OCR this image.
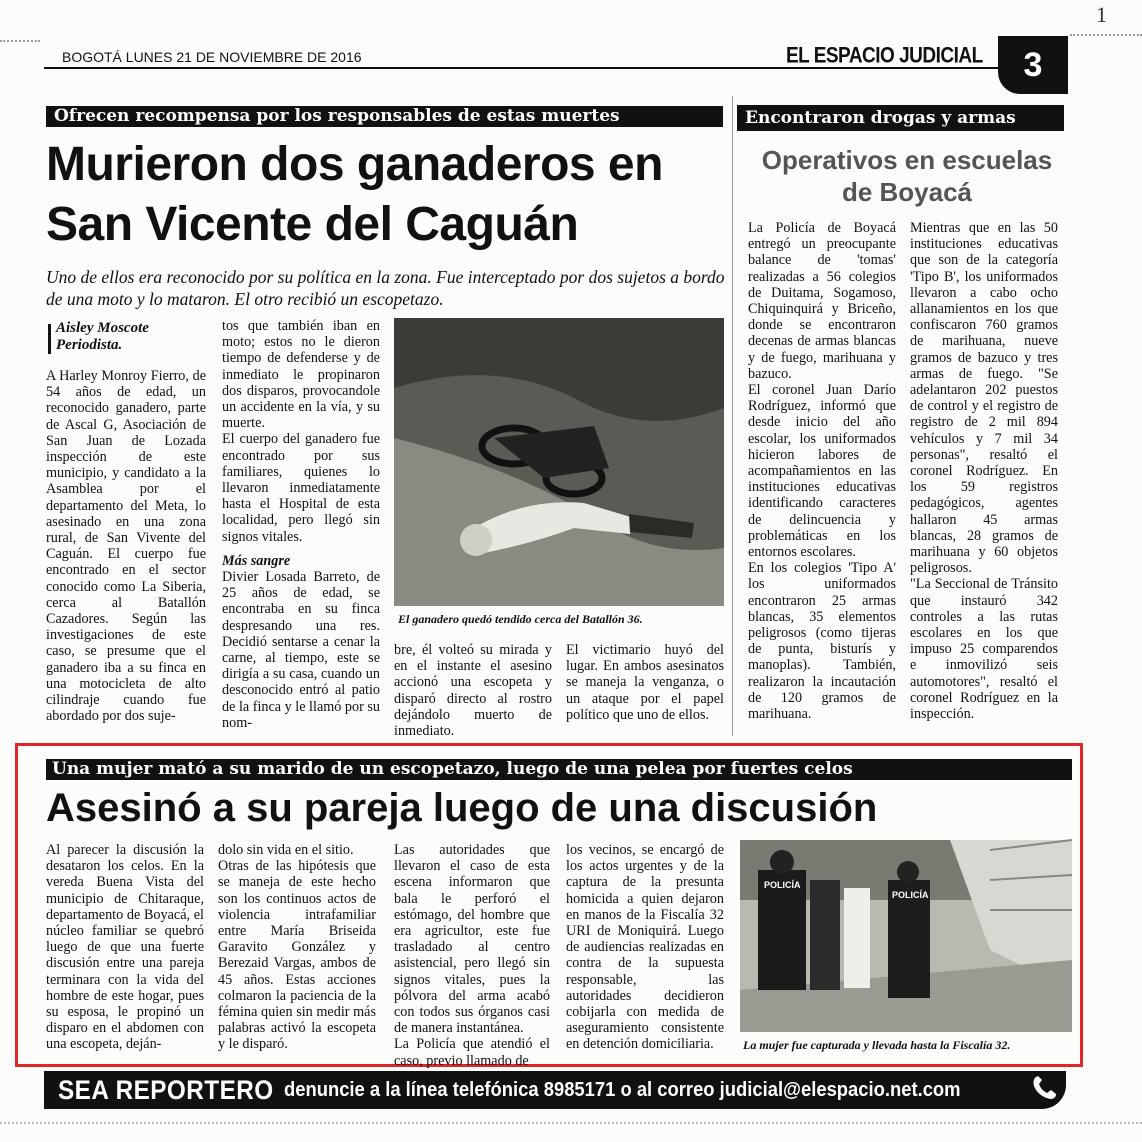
1
BOGOTÁ LUNES 21 DE NOVIEMBRE DE 2016	EL ESPACIO JUDICIAL	3
Ofrecen recompensa por los responsables de estas muertes
Murieron dos ganaderos en
San Vicente del Caguán
Uno de ellos era reconocido por su política en la zona. Fue interceptado por dos sujetos a bordo de una moto y lo mataron. El otro recibió un escopetazo.
Aisley Moscote
Periodista.

A Harley Monroy Fierro, de 54 años de edad, un reconocido ganadero, parte de Ascal G, Asociación de San Juan de Lozada inspección de este municipio, y candidato a la Asamblea por el departamento del Meta, lo asesinado en una zona rural, de San Vivente del Caguán. El cuerpo fue encontrado en el sector conocido como La Siberia, cerca al Batallón Cazadores. Según las investigaciones de este caso, se presume que el ganadero iba a su finca en una motocicleta de alto cilindraje cuando fue abordado por dos suje-

tos que también iban en moto; estos no le dieron tiempo de defenderse y de inmediato le propinaron dos disparos, provocandole un accidente en la vía, y su muerte.

El cuerpo del ganadero fue encontrado por sus familiares, quienes lo llevaron inmediatamente hasta el Hospital de esta localidad, pero llegó sin signos vitales.

Más sangre

Divier Losada Barreto, de 25 años de edad, se encontraba en su finca despresando una res. Decidió sentarse a cenar la carne, al tiempo, este se dirigía a su casa, cuando un desconocido entró al patio de la finca y le llamó por su nom-

El ganadero quedó tendido cerca del Batallón 36.

bre, él volteó su mirada y en el instante el asesino accionó una escopeta y disparó directo al rostro dejándolo muerto de inmediato.

El victimario huyó del lugar. En ambos asesinatos se maneja la venganza, o un ataque por el papel político que uno de ellos.

Encontraron drogas y armas
Operativos en escuelas
de Boyacá

La Policía de Boyacá entregó un preocupante balance de 'tomas' realizadas a 56 colegios de Duitama, Sogamoso, Chiquinquirá y Briceño, donde se encontraron decenas de armas blancas y de fuego, marihuana y bazuco.

El coronel Juan Darío Rodríguez, informó que desde inicio del año escolar, los uniformados hicieron labores de acompañamientos en las instituciones educativas identificando caracteres de delincuencia y problemáticas en los entornos escolares.

En los colegios 'Tipo A' los uniformados encontraron 25 armas blancas, 35 elementos peligrosos (como tijeras de punta, bisturís y manoplas). También, realizaron la incautación de 120 gramos de marihuana.

Mientras que en las 50 instituciones educativas que son de la categoría 'Tipo B', los uniformados llevaron a cabo ocho allanamientos en los que confiscaron 760 gramos de marihuana, nueve gramos de bazuco y tres armas de fuego. "Se adelantaron 202 puestos de control y el registro de registro de 2 mil 894 vehículos y 7 mil 34 personas", resaltó el coronel Rodríguez. En los 59 registros pedagógicos, agentes hallaron 45 armas blancas, 28 gramos de marihuana y 60 objetos peligrosos.

"La Seccional de Tránsito que instauró 342 controles a las rutas escolares en los que impuso 25 comparendos e inmovilizó seis automotores", resaltó el coronel Rodríguez en la inspección.

Una mujer mató a su marido de un escopetazo, luego de una pelea por fuertes celos
Asesinó a su pareja luego de una discusión

Al parecer la discusión la desataron los celos. En la vereda Buena Vista del municipio de Chitaraque, departamento de Boyacá, el núcleo familiar se quebró luego de que una fuerte discusión entre una pareja terminara con la vida del hombre de este hogar, pues su esposa, le propinó un disparo en el abdomen con una escopeta, deján-

dolo sin vida en el sitio.

Otras de las hipótesis que se maneja de este hecho son los continuos actos de violencia intrafamiliar entre María Briseida Garavito González y Berezaid Vargas, ambos de 45 años. Estas acciones colmaron la paciencia de la fémina quien sin medir más palabras activó la escopeta y le disparó.

Las autoridades que llevaron el caso de esta escena informaron que bala le perforó el estómago, del hombre que era agricultor, este fue trasladado al centro asistencial, pero llegó sin signos vitales, pues la pólvora del arma acabó con todos sus órganos casi de manera instantánea.

La Policía que atendió el caso, previo llamado de

los vecinos, se encargó de los actos urgentes y de la captura de la presunta homicida a quien dejaron en manos de la Fiscalía 32 URI de Moniquirá. Luego de audiencias realizadas en contra de la supuesta responsable, las autoridades decidieron cobijarla con medida de aseguramiento consistente en detención domiciliaria.

POLICÍA
POLICÍA
La mujer fue capturada y llevada hasta la Fiscalía 32.
SEA REPORTERO denuncie a la línea telefónica 8985171 o al correo judicial@elespacio.net.com
